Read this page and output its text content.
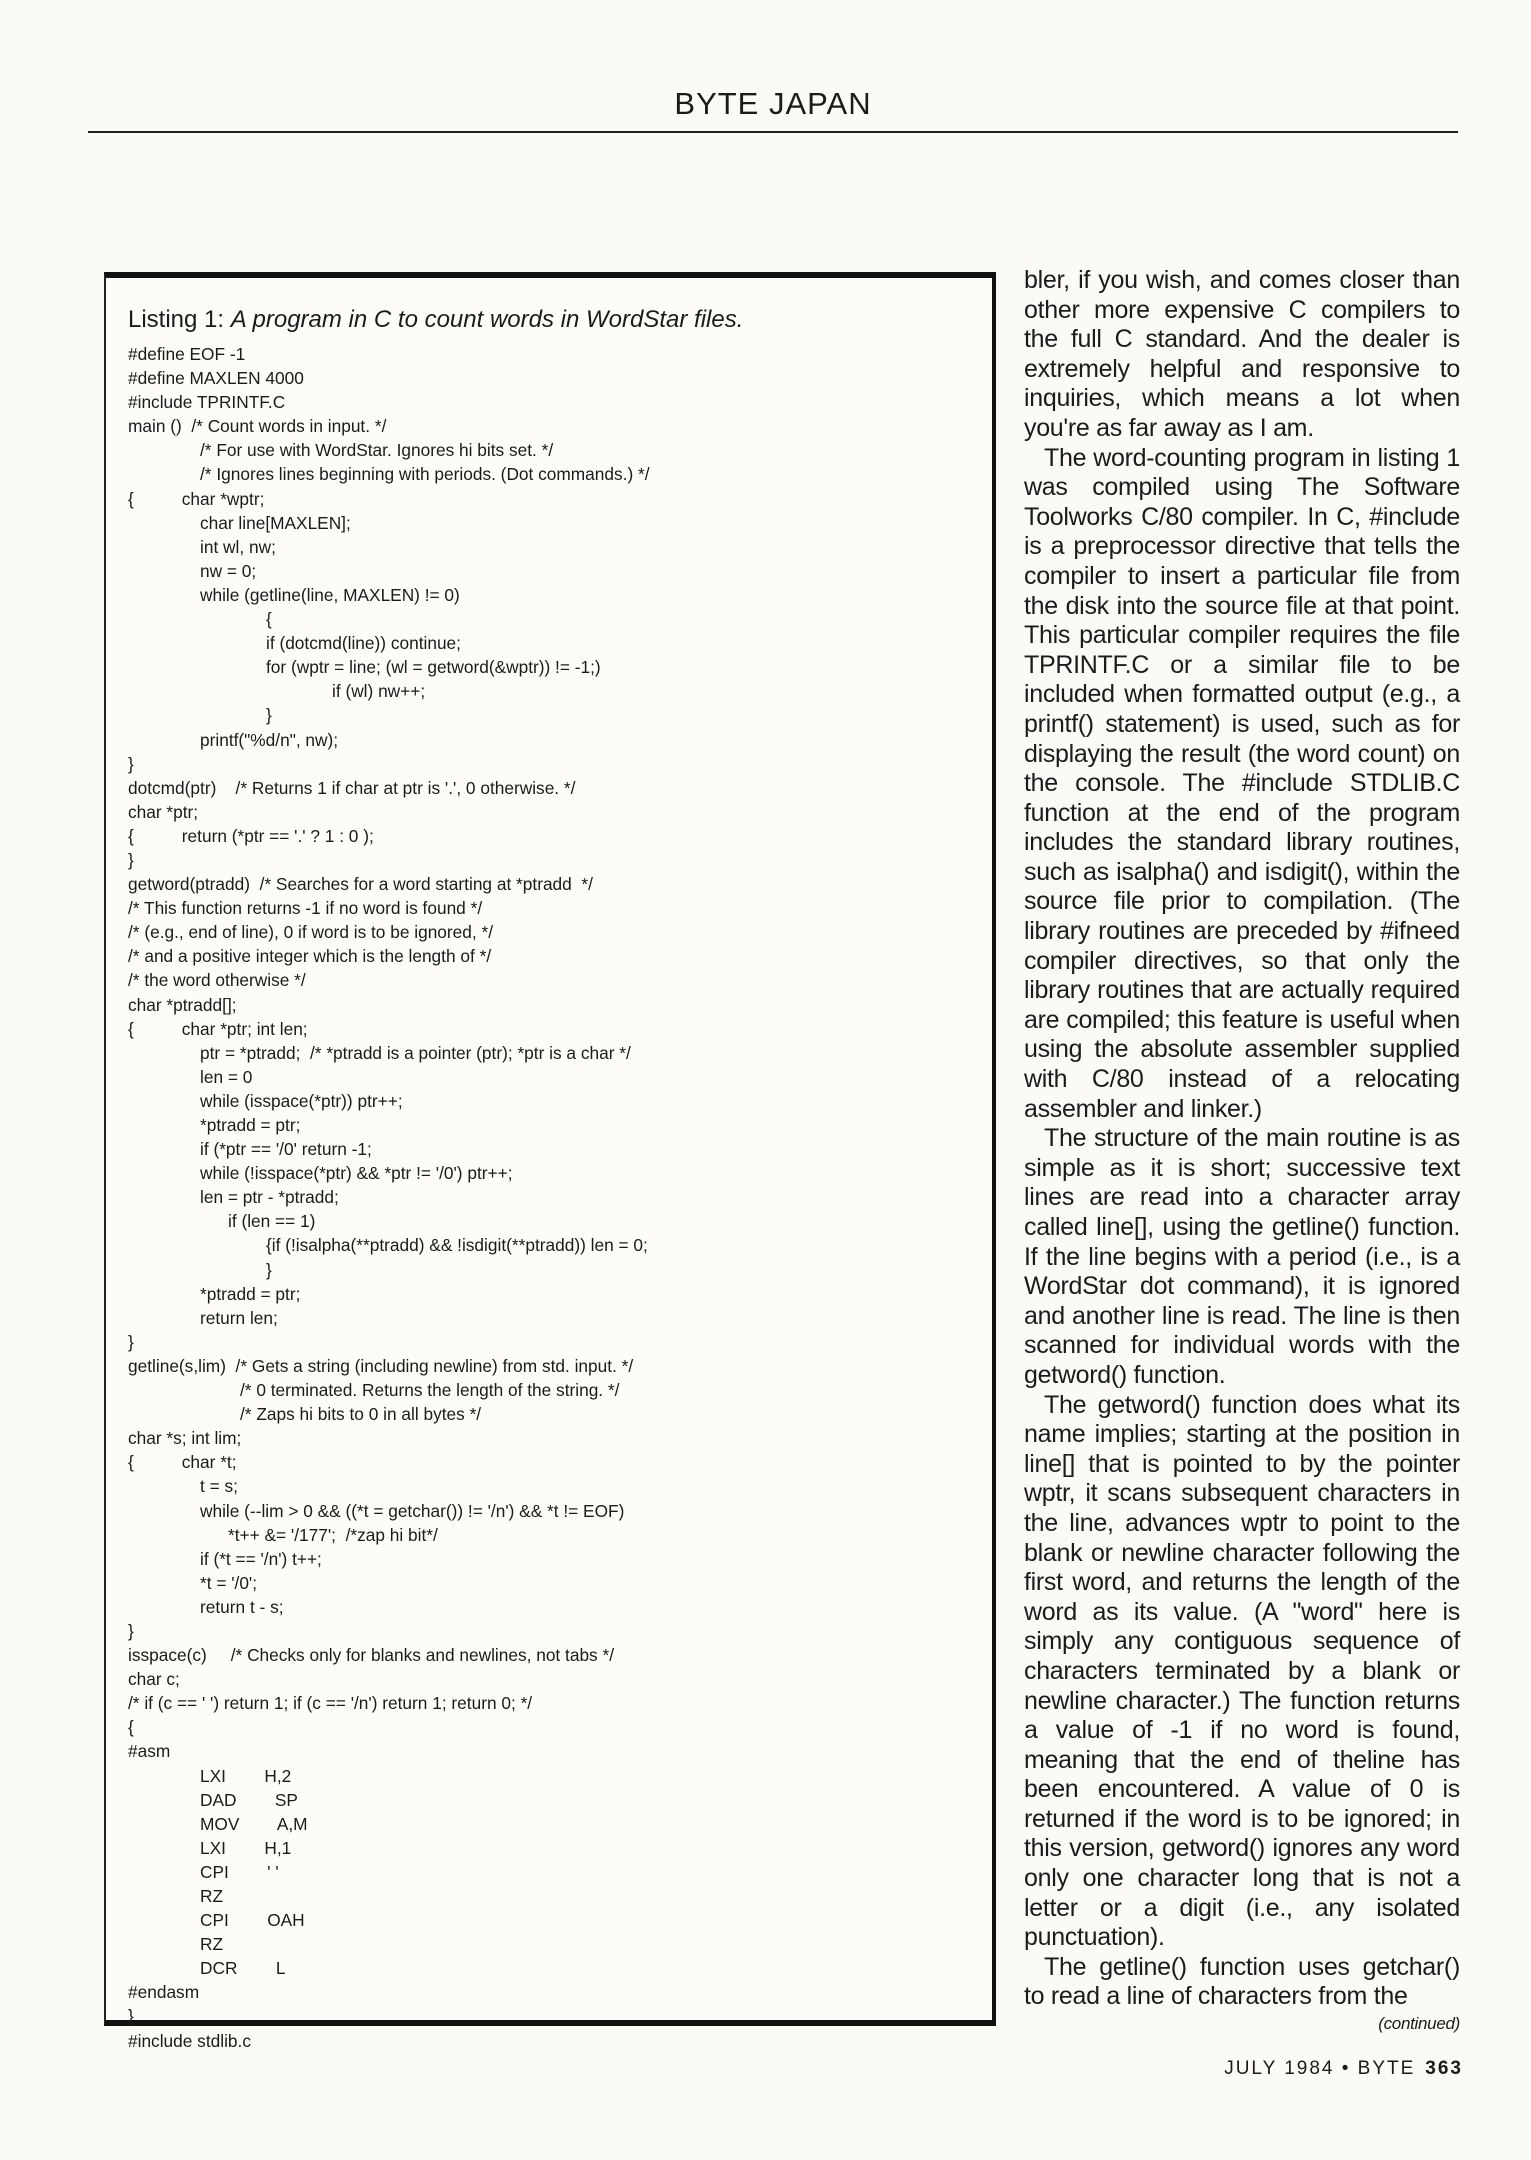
BYTE JAPAN
Listing 1: A program in C to count words in WordStar files.
#define EOF -1
#define MAXLEN 4000
#include TPRINTF.C
main ()  /* Count words in input. */
/* For use with WordStar. Ignores hi bits set. */
/* Ignores lines beginning with periods. (Dot commands.) */
{          char *wptr;
char line[MAXLEN];
int wl, nw;
nw = 0;
while (getline(line, MAXLEN) != 0)
{
if (dotcmd(line)) continue;
for (wptr = line; (wl = getword(&wptr)) != -1;)
if (wl) nw++;
}
printf("%d/n", nw);
}
dotcmd(ptr)    /* Returns 1 if char at ptr is '.', 0 otherwise. */
char *ptr;
{          return (*ptr == '.' ? 1 : 0 );
}
getword(ptradd)  /* Searches for a word starting at *ptradd  */
/* This function returns -1 if no word is found */
/* (e.g., end of line), 0 if word is to be ignored, */
/* and a positive integer which is the length of */
/* the word otherwise */
char *ptradd[];
{          char *ptr; int len;
ptr = *ptradd;  /* *ptradd is a pointer (ptr); *ptr is a char */
len = 0
while (isspace(*ptr)) ptr++;
*ptradd = ptr;
if (*ptr == '/0' return -1;
while (!isspace(*ptr) && *ptr != '/0') ptr++;
len = ptr - *ptradd;
if (len == 1)
{if (!isalpha(**ptradd) && !isdigit(**ptradd)) len = 0;
}
*ptradd = ptr;
return len;
}
getline(s,lim)  /* Gets a string (including newline) from std. input. */
/* 0 terminated. Returns the length of the string. */
/* Zaps hi bits to 0 in all bytes */
char *s; int lim;
{          char *t;
t = s;
while (--lim > 0 && ((*t = getchar()) != '/n') && *t != EOF)
*t++ &= '/177';  /*zap hi bit*/
if (*t == '/n') t++;
*t = '/0';
return t - s;
}
isspace(c)     /* Checks only for blanks and newlines, not tabs */
char c;
/* if (c == ' ') return 1; if (c == '/n') return 1; return 0; */
{
#asm
LXI        H,2
DAD        SP
MOV        A,M
LXI        H,1
CPI        ' '
RZ
CPI        OAH
RZ
DCR        L
#endasm
}
#include stdlib.c

bler, if you wish, and comes closer than other more expensive C compilers to the full C standard. And the dealer is extremely helpful and responsive to inquiries, which means a lot when you're as far away as I am.

The word-counting program in listing 1 was compiled using The Software Toolworks C/80 compiler. In C, #include is a preprocessor directive that tells the compiler to insert a particular file from the disk into the source file at that point. This particular compiler requires the file TPRINTF.C or a similar file to be included when formatted output (e.g., a printf() statement) is used, such as for displaying the result (the word count) on the console. The #include STDLIB.C function at the end of the program includes the standard library routines, such as isalpha() and isdigit(), within the source file prior to compilation. (The library routines are preceded by #ifneed compiler directives, so that only the library routines that are actually required are compiled; this feature is useful when using the absolute assembler supplied with C/80 instead of a relocating assembler and linker.)

The structure of the main routine is as simple as it is short; successive text lines are read into a character array called line[], using the getline() function. If the line begins with a period (i.e., is a WordStar dot command), it is ignored and another line is read. The line is then scanned for individual words with the getword() function.

The getword() function does what its name implies; starting at the position in line[] that is pointed to by the pointer wptr, it scans subsequent characters in the line, advances wptr to point to the blank or newline character following the first word, and returns the length of the word as its value. (A "word" here is simply any contiguous sequence of characters terminated by a blank or newline character.) The function returns a value of -1 if no word is found, meaning that the end of theline has been encountered. A value of 0 is returned if the word is to be ignored; in this version, getword() ignores any word only one character long that is not a letter or a digit (i.e., any isolated punctuation).

The getline() function uses getchar() to read a line of characters from the

(continued)
JULY 1984 • BYTE 363
